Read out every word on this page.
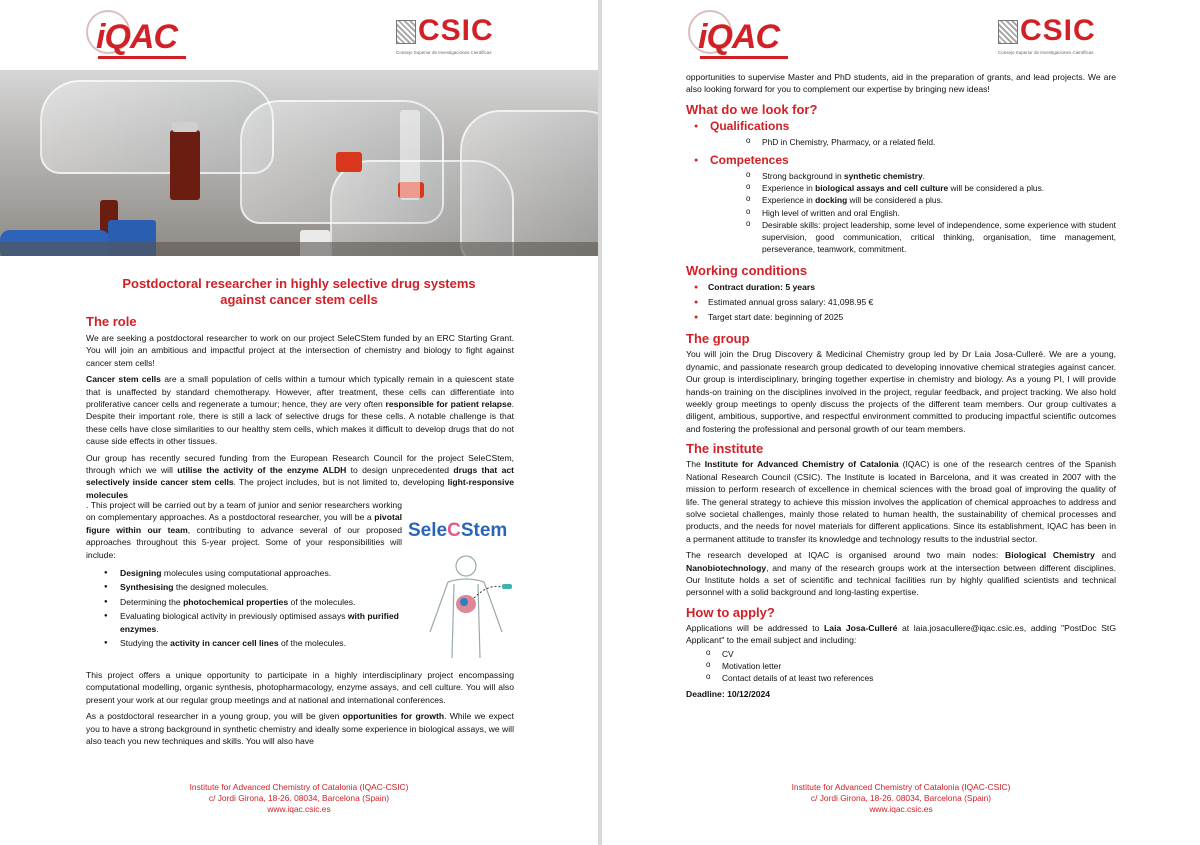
iQAC	CSIC
Consejo Superior de Investigaciones Científicas
Postdoctoral researcher in highly selective drug systems
against cancer stem cells
The role

We are seeking a postdoctoral researcher to work on our project SeleCStem funded by an ERC Starting Grant. You will join an ambitious and impactful project at the intersection of chemistry and biology to fight against cancer stem cells!

Cancer stem cells are a small population of cells within a tumour which typically remain in a quiescent state that is unaffected by standard chemotherapy. However, after treatment, these cells can differentiate into proliferative cancer cells and regenerate a tumour; hence, they are very often responsible for patient relapse. Despite their important role, there is still a lack of selective drugs for these cells. A notable challenge is that these cells have close similarities to our healthy stem cells, which makes it difficult to develop drugs that do not cause side effects in other tissues.

Our group has recently secured funding from the European Research Council for the project SeleCStem, through which we will utilise the activity of the enzyme ALDH to design unprecedented drugs that act selectively inside cancer stem cells. The project includes, but is not limited to, developing light-responsive molecules

. This project will be carried out by a team of junior and senior researchers working on complementary approaches. As a postdoctoral researcher, you will be a pivotal figure within our team, contributing to advance several of our proposed approaches throughout this 5-year project. Some of your responsibilities will include:

● Designing molecules using computational approaches.
● Synthesising the designed molecules.
● Determining the photochemical properties of the molecules.
● Evaluating biological activity in previously optimised assays with purified enzymes.
● Studying the activity in cancer cell lines of the molecules.

This project offers a unique opportunity to participate in a highly interdisciplinary project encompassing computational modelling, organic synthesis, photopharmacology, enzyme assays, and cell culture. You will also present your work at our regular group meetings and at national and international conferences.

As a postdoctoral researcher in a young group, you will be given opportunities for growth. While we expect you to have a strong background in synthetic chemistry and ideally some experience in biological assays, we will also teach you new techniques and skills. You will also have

SeleCStem
Institute for Advanced Chemistry of Catalonia (IQAC-CSIC)
c/ Jordi Girona, 18-26. 08034, Barcelona (Spain)
www.iqac.csic.es
iQAC	CSIC
Consejo Superior de Investigaciones Científicas

opportunities to supervise Master and PhD students, aid in the preparation of grants, and lead projects. We are also looking forward for you to complement our expertise by bringing new ideas!

What do we look for?
● Qualifications
o PhD in Chemistry, Pharmacy, or a related field.
● Competences
o Strong background in synthetic chemistry.
o Experience in biological assays and cell culture will be considered a plus.
o Experience in docking will be considered a plus.
o High level of written and oral English.
o Desirable skills: project leadership, some level of independence, some experience with student supervision, good communication, critical thinking, organisation, time management, perseverance, teamwork, commitment.
Working conditions
● Contract duration: 5 years
● Estimated annual gross salary: 41,098.95 €
● Target start date: beginning of 2025
The group

You will join the Drug Discovery & Medicinal Chemistry group led by Dr Laia Josa-Culleré. We are a young, dynamic, and passionate research group dedicated to developing innovative chemical strategies against cancer. Our group is interdisciplinary, bringing together expertise in chemistry and biology. As a young PI, I will provide hands-on training on the disciplines involved in the project, regular feedback, and project tracking. We also hold weekly group meetings to openly discuss the projects of the different team members. Our group cultivates a diligent, ambitious, supportive, and respectful environment committed to producing impactful scientific outcomes and fostering the professional and personal growth of our team members.

The institute

The Institute for Advanced Chemistry of Catalonia (IQAC) is one of the research centres of the Spanish National Research Council (CSIC). The Institute is located in Barcelona, and it was created in 2007 with the mission to perform research of excellence in chemical sciences with the broad goal of improving the quality of life. The general strategy to achieve this mission involves the application of chemical approaches to address and solve societal challenges, mainly those related to human health, the sustainability of chemical processes and products, and the needs for novel materials for different applications. Since its establishment, IQAC has been in a permanent attitude to transfer its knowledge and technology results to the industrial sector.

The research developed at IQAC is organised around two main nodes: Biological Chemistry and Nanobiotechnology, and many of the research groups work at the intersection between different disciplines. Our Institute holds a set of scientific and technical facilities run by highly qualified scientists and technical personnel with a solid background and long-lasting expertise.

How to apply?

Applications will be addressed to Laia Josa-Culleré at laia.josacullere@iqac.csic.es, adding "PostDoc StG Applicant" to the email subject and including:

o CV
o Motivation letter
o Contact details of at least two references

Deadline: 10/12/2024

Institute for Advanced Chemistry of Catalonia (IQAC-CSIC)
c/ Jordi Girona, 18-26. 08034, Barcelona (Spain)
www.iqac.csic.es
